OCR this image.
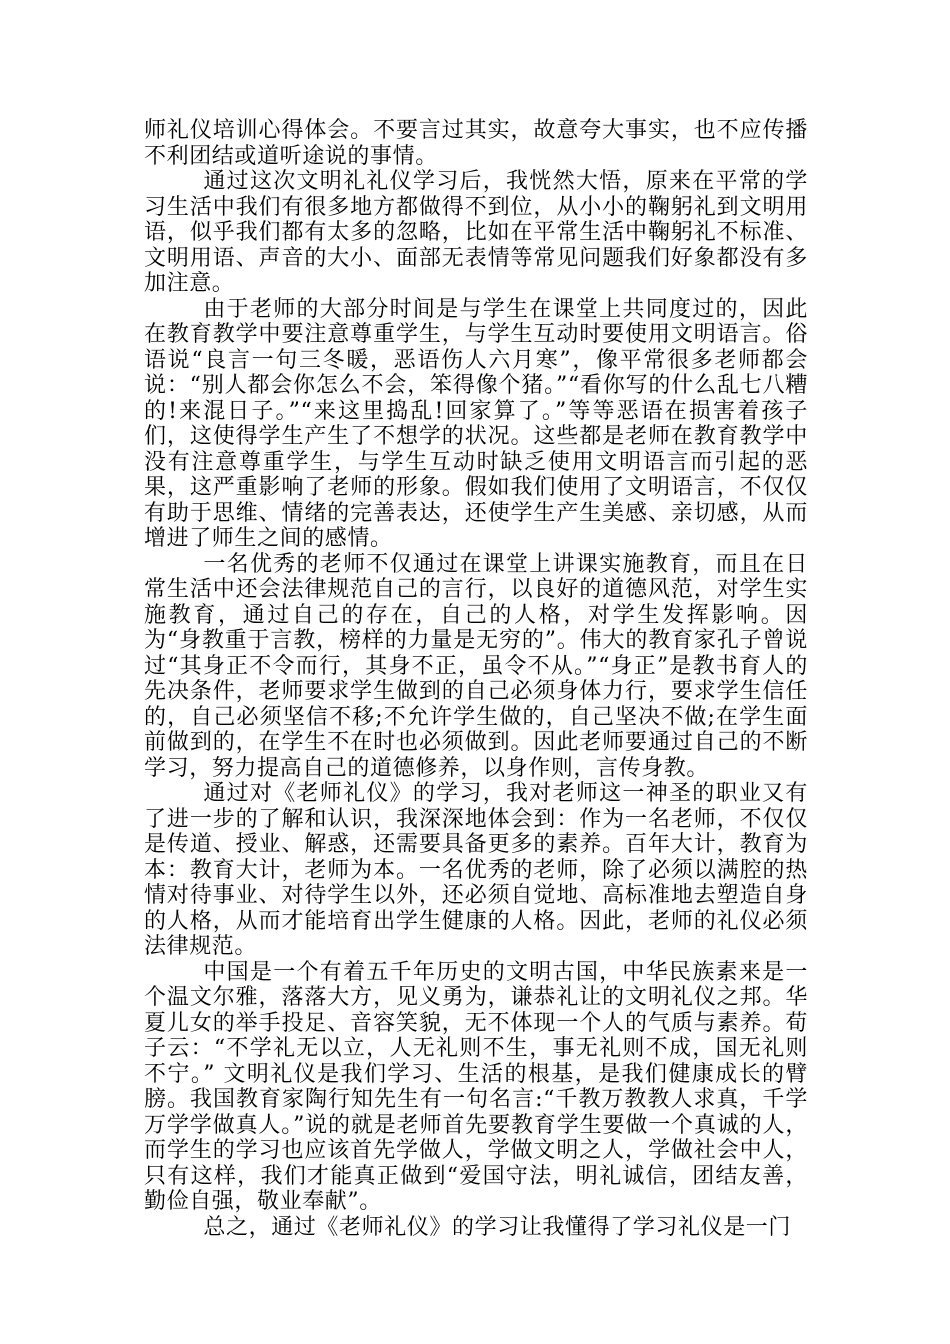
师礼仪培训心得体会。不要言过其实，故意夸大事实，也不应传播不利团结或道听途说的事情。

通过这次文明礼礼仪学习后，我恍然大悟，原来在平常的学习生活中我们有很多地方都做得不到位，从小小的鞠躬礼到文明用语，似乎我们都有太多的忽略，比如在平常生活中鞠躬礼不标准、文明用语、声音的大小、面部无表情等常见问题我们好象都没有多加注意。

由于老师的大部分时间是与学生在课堂上共同度过的，因此在教育教学中要注意尊重学生，与学生互动时要使用文明语言。俗语说“良言一句三冬暖，恶语伤人六月寒”，像平常很多老师都会说：“别人都会你怎么不会，笨得像个猪。”“看你写的什么乱七八糟的!来混日子。”“来这里捣乱!回家算了。”等等恶语在损害着孩子们，这使得学生产生了不想学的状况。这些都是老师在教育教学中没有注意尊重学生，与学生互动时缺乏使用文明语言而引起的恶果，这严重影响了老师的形象。假如我们使用了文明语言，不仅仅有助于思维、情绪的完善表达，还使学生产生美感、亲切感，从而增进了师生之间的感情。

一名优秀的老师不仅通过在课堂上讲课实施教育，而且在日常生活中还会法律规范自己的言行，以良好的道德风范，对学生实施教育，通过自己的存在，自己的人格，对学生发挥影响。因为“身教重于言教，榜样的力量是无穷的”。伟大的教育家孔子曾说过“其身正不令而行，其身不正，虽令不从。”“身正”是教书育人的先决条件，老师要求学生做到的自己必须身体力行，要求学生信任的，自己必须坚信不移;不允许学生做的，自己坚决不做;在学生面前做到的，在学生不在时也必须做到。因此老师要通过自己的不断学习，努力提高自己的道德修养，以身作则，言传身教。

通过对《老师礼仪》的学习，我对老师这一神圣的职业又有了进一步的了解和认识，我深深地体会到：作为一名老师，不仅仅是传道、授业、解惑，还需要具备更多的素养。百年大计，教育为本：教育大计，老师为本。一名优秀的老师，除了必须以满腔的热情对待事业、对待学生以外，还必须自觉地、高标准地去塑造自身的人格，从而才能培育出学生健康的人格。因此，老师的礼仪必须法律规范。

中国是一个有着五千年历史的文明古国，中华民族素来是一个温文尔雅，落落大方，见义勇为，谦恭礼让的文明礼仪之邦。华夏儿女的举手投足、音容笑貌，无不体现一个人的气质与素养。荀子云：“不学礼无以立，人无礼则不生，事无礼则不成，国无礼则不宁。” 文明礼仪是我们学习、生活的根基，是我们健康成长的臂膀。我国教育家陶行知先生有一句名言:“千教万教教人求真，千学万学学做真人。”说的就是老师首先要教育学生要做一个真诚的人，而学生的学习也应该首先学做人，学做文明之人，学做社会中人，只有这样，我们才能真正做到“爱国守法，明礼诚信，团结友善，勤俭自强，敬业奉献”。

总之，通过《老师礼仪》的学习让我懂得了学习礼仪是一门
